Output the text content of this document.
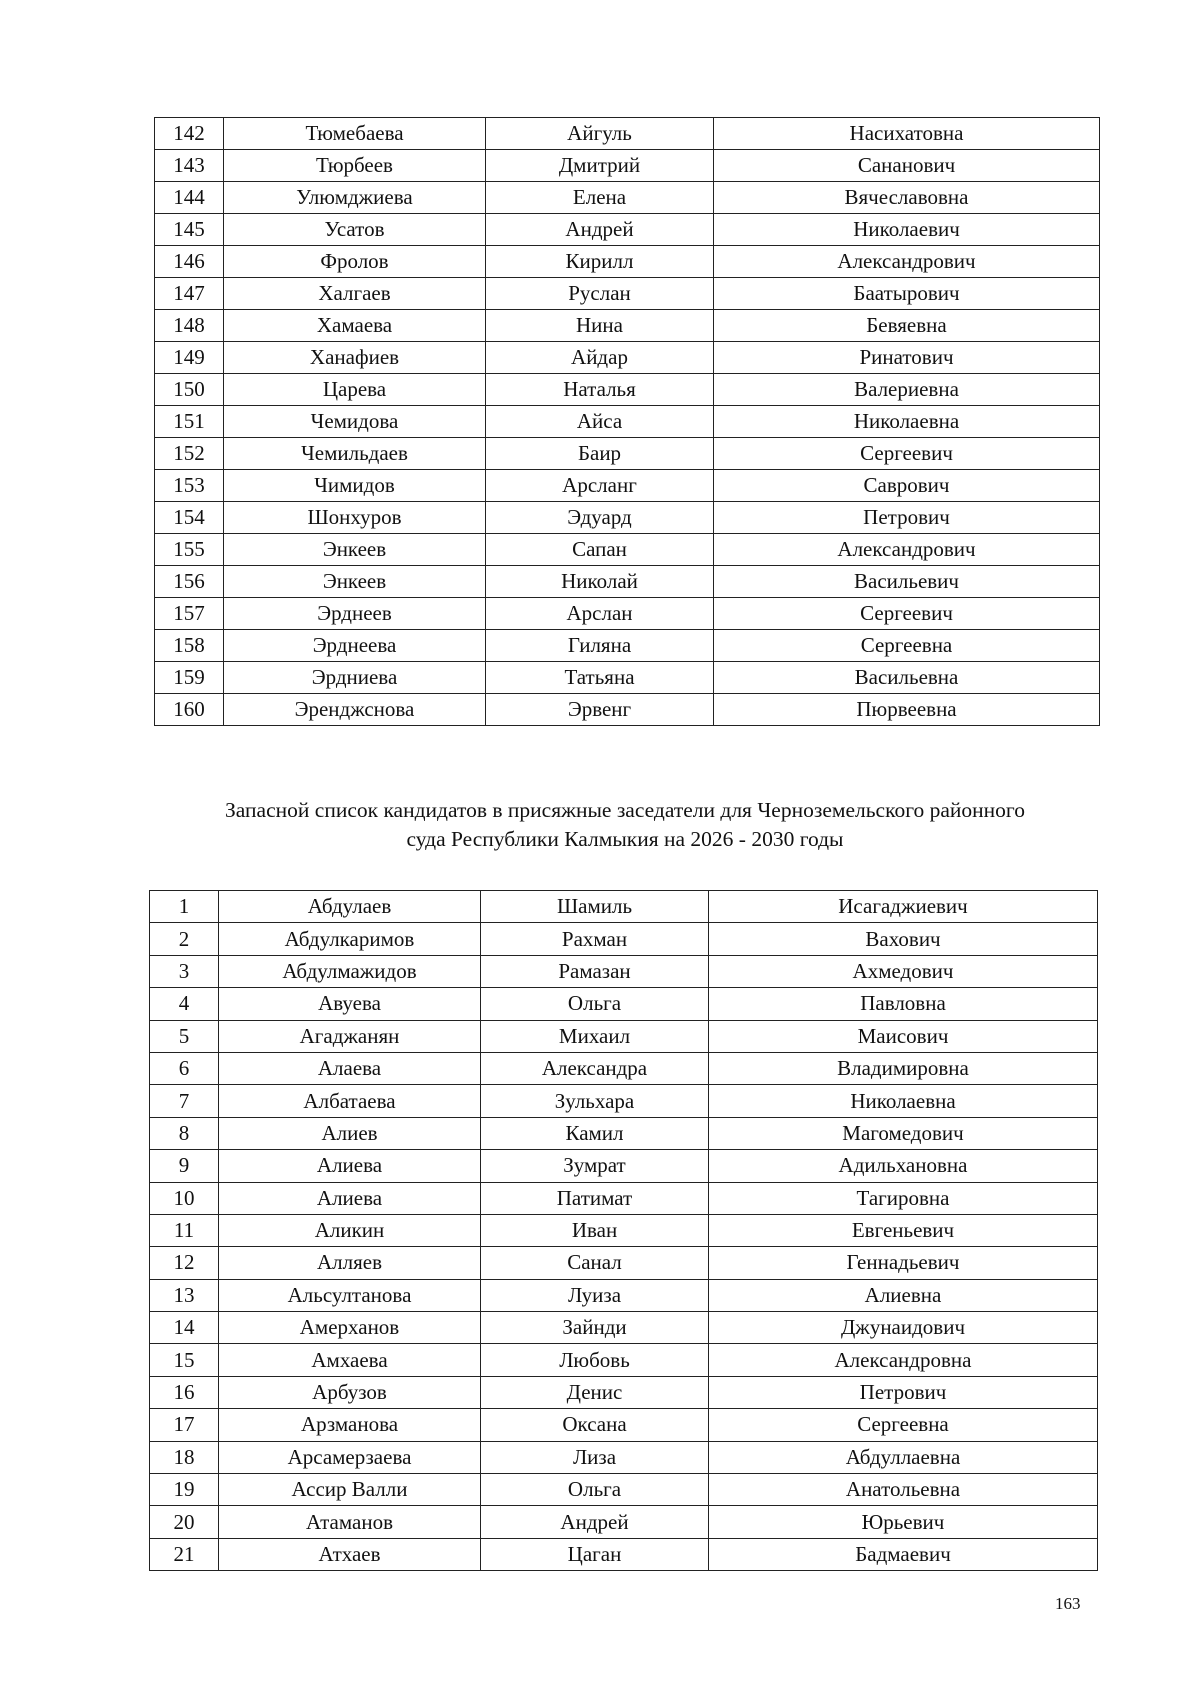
142	Тюмебаева	Айгуль	Насихатовна
143	Тюрбеев	Дмитрий	Сананович
144	Улюмджиева	Елена	Вячеславовна
145	Усатов	Андрей	Николаевич
146	Фролов	Кирилл	Александрович
147	Халгаев	Руслан	Баатырович
148	Хамаева	Нина	Бевяевна
149	Ханафиев	Айдар	Ринатович
150	Царева	Наталья	Валериевна
151	Чемидова	Айса	Николаевна
152	Чемильдаев	Баир	Сергеевич
153	Чимидов	Арсланг	Саврович
154	Шонхуров	Эдуард	Петрович
155	Энкеев	Сапан	Александрович
156	Энкеев	Николай	Васильевич
157	Эрднеев	Арслан	Сергеевич
158	Эрднеева	Гиляна	Сергеевна
159	Эрдниева	Татьяна	Васильевна
160	Эренджснова	Эрвенг	Пюрвеевна
Запасной список кандидатов в присяжные заседатели для Черноземельского районного
суда Республики Калмыкия на 2026 - 2030 годы
1	Абдулаев	Шамиль	Исагаджиевич
2	Абдулкаримов	Рахман	Вахович
3	Абдулмажидов	Рамазан	Ахмедович
4	Авуева	Ольга	Павловна
5	Агаджанян	Михаил	Маисович
6	Алаева	Александра	Владимировна
7	Албатаева	Зульхара	Николаевна
8	Алиев	Камил	Магомедович
9	Алиева	Зумрат	Адильхановна
10	Алиева	Патимат	Тагировна
11	Аликин	Иван	Евгеньевич
12	Алляев	Санал	Геннадьевич
13	Альсултанова	Луиза	Алиевна
14	Амерханов	Зайнди	Джунаидович
15	Амхаева	Любовь	Александровна
16	Арбузов	Денис	Петрович
17	Арзманова	Оксана	Сергеевна
18	Арсамерзаева	Лиза	Абдуллаевна
19	Ассир Валли	Ольга	Анатольевна
20	Атаманов	Андрей	Юрьевич
21	Атхаев	Цаган	Бадмаевич
163
